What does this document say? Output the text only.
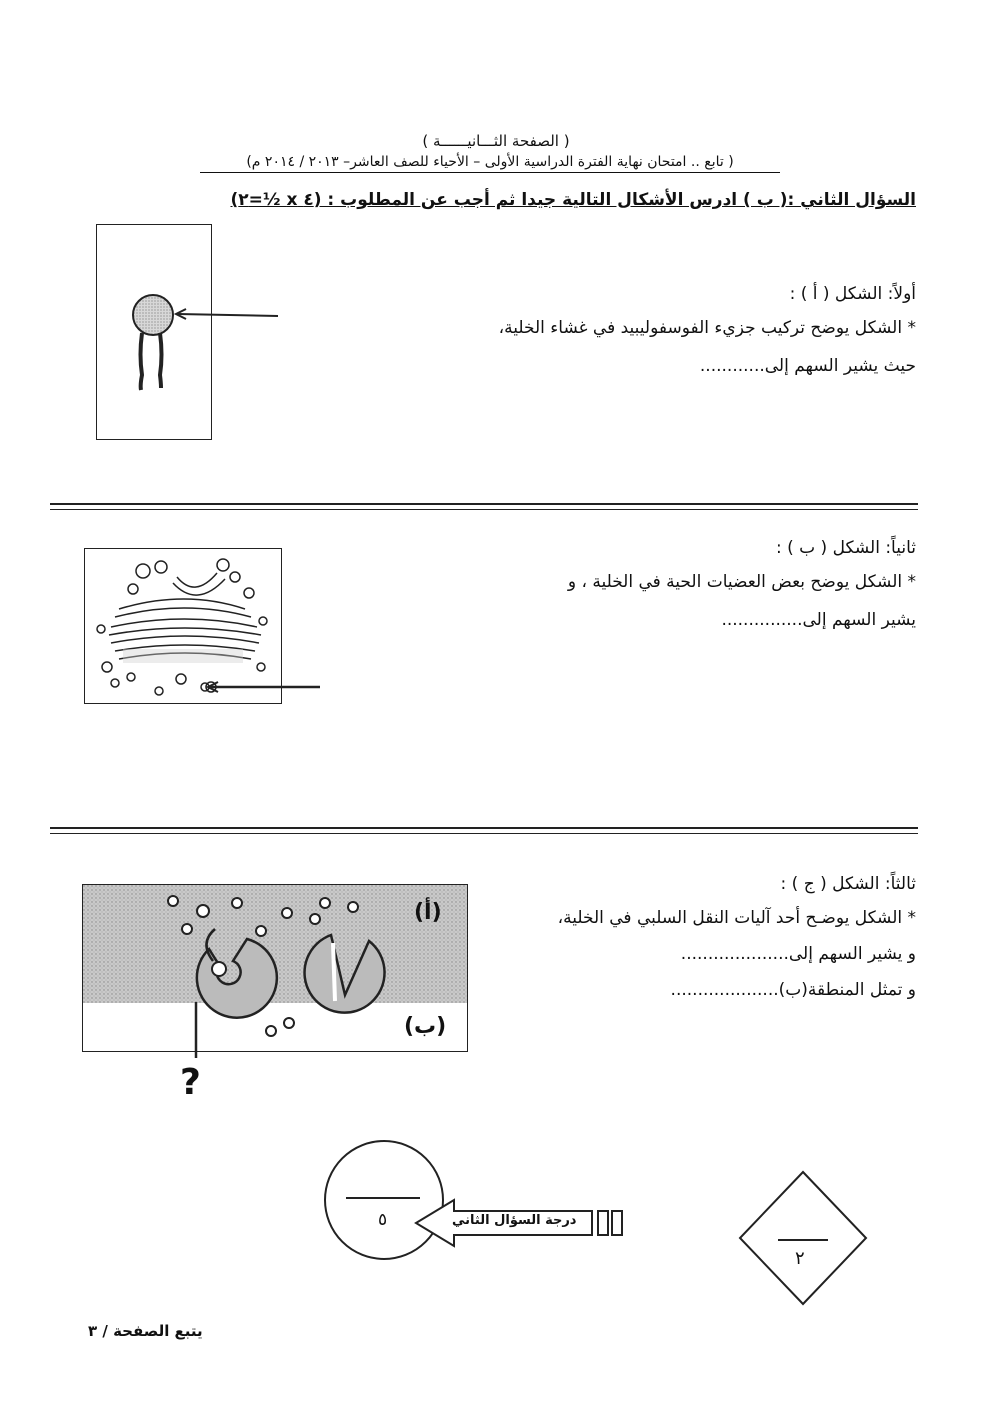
( الصفحة الثـــانيــــــة )
( تابع .. امتحان نهاية الفترة الدراسية الأولى – الأحياء للصف العاشر– ٢٠١٣ / ٢٠١٤ م)
السؤال الثاني :( ب ) ادرس الأشكال التالية جيدا ثم أجب عن المطلوب : (٤ x ½=٢)
أولاً: الشكل ( أ ) :
* الشكل يوضح تركيب جزيء الفوسفوليبيد في غشاء الخلية،
حيث يشير السهم إلى............
ثانياً: الشكل ( ب ) :
* الشكل يوضح بعض العضيات الحية في الخلية ، و
يشير السهم إلى...............
(أ)
(ب)
?
ثالثاً: الشكل ( ج ) :
* الشكل يوضـح أحد آليات النقل السلبي في الخلية،
و يشير السهم إلى....................
و تمثل المنطقة(ب)....................
٥	درجة السؤال الثاني
٢
يتبع الصفحة / ٣
